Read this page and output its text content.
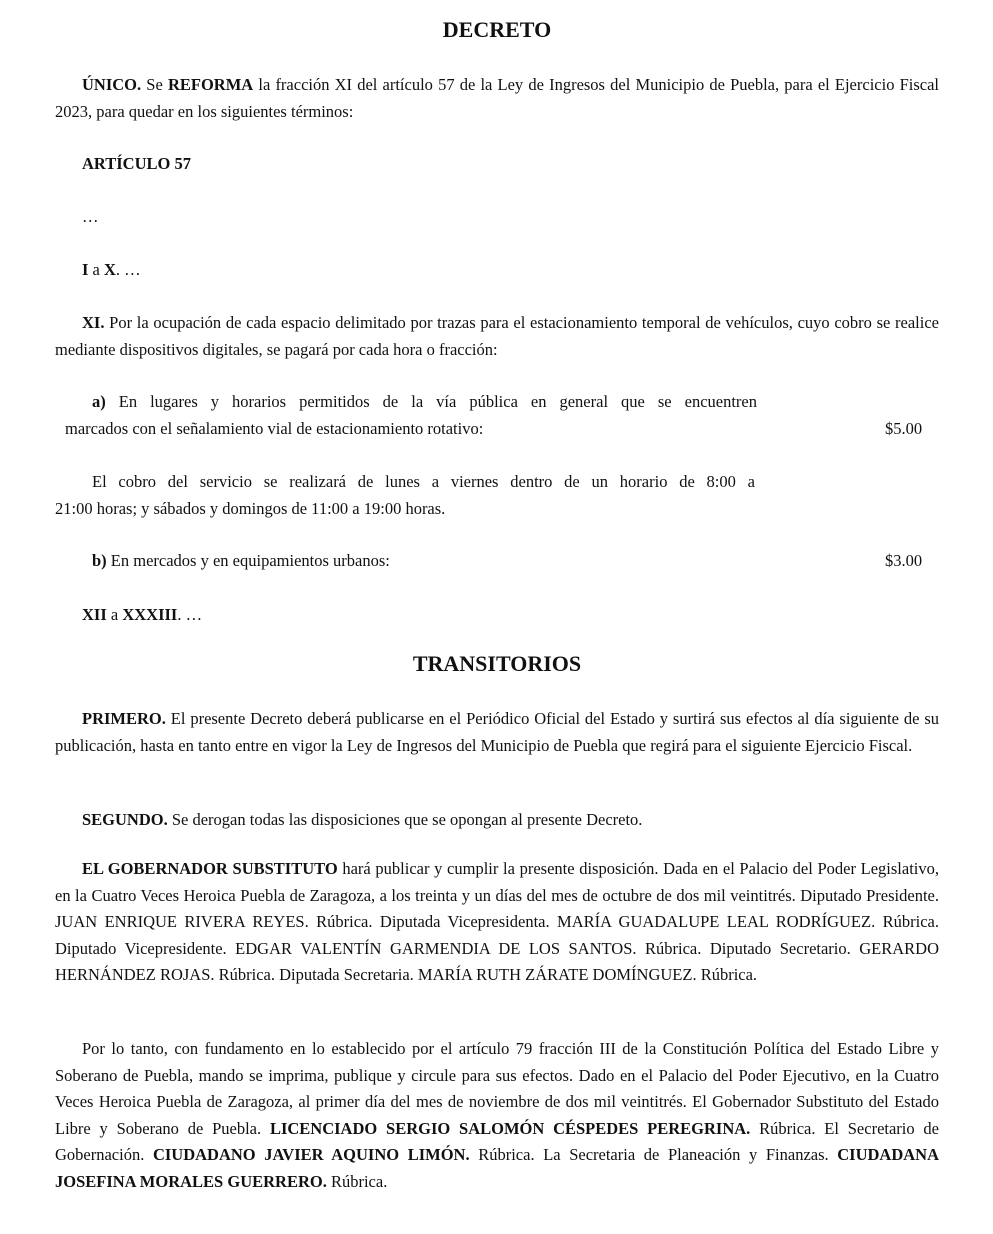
DECRETO

ÚNICO. Se REFORMA la fracción XI del artículo 57 de la Ley de Ingresos del Municipio de Puebla, para el Ejercicio Fiscal 2023, para quedar en los siguientes términos:

ARTÍCULO 57

…

I a X. …

XI. Por la ocupación de cada espacio delimitado por trazas para el estacionamiento temporal de vehículos, cuyo cobro se realice mediante dispositivos digitales, se pagará por cada hora o fracción:

a) En lugares y horarios permitidos de la vía pública en general que se encuentren

marcados con el señalamiento vial de estacionamiento rotativo:	$5.00

El cobro del servicio se realizará de lunes a viernes dentro de un horario de 8:00 a

21:00 horas; y sábados y domingos de 11:00 a 19:00 horas.

b) En mercados y en equipamientos urbanos:	$3.00

XII a XXXIII. …

TRANSITORIOS

PRIMERO. El presente Decreto deberá publicarse en el Periódico Oficial del Estado y surtirá sus efectos al día siguiente de su publicación, hasta en tanto entre en vigor la Ley de Ingresos del Municipio de Puebla que regirá para el siguiente Ejercicio Fiscal.

SEGUNDO. Se derogan todas las disposiciones que se opongan al presente Decreto.

EL GOBERNADOR SUBSTITUTO hará publicar y cumplir la presente disposición. Dada en el Palacio del Poder Legislativo, en la Cuatro Veces Heroica Puebla de Zaragoza, a los treinta y un días del mes de octubre de dos mil veintitrés. Diputado Presidente. JUAN ENRIQUE RIVERA REYES. Rúbrica. Diputada Vicepresidenta. MARÍA GUADALUPE LEAL RODRÍGUEZ. Rúbrica. Diputado Vicepresidente. EDGAR VALENTÍN GARMENDIA DE LOS SANTOS. Rúbrica. Diputado Secretario. GERARDO HERNÁNDEZ ROJAS. Rúbrica. Diputada Secretaria. MARÍA RUTH ZÁRATE DOMÍNGUEZ. Rúbrica.

Por lo tanto, con fundamento en lo establecido por el artículo 79 fracción III de la Constitución Política del Estado Libre y Soberano de Puebla, mando se imprima, publique y circule para sus efectos. Dado en el Palacio del Poder Ejecutivo, en la Cuatro Veces Heroica Puebla de Zaragoza, al primer día del mes de noviembre de dos mil veintitrés. El Gobernador Substituto del Estado Libre y Soberano de Puebla. LICENCIADO SERGIO SALOMÓN CÉSPEDES PEREGRINA. Rúbrica. El Secretario de Gobernación. CIUDADANO JAVIER AQUINO LIMÓN. Rúbrica. La Secretaria de Planeación y Finanzas. CIUDADANA JOSEFINA MORALES GUERRERO. Rúbrica.
